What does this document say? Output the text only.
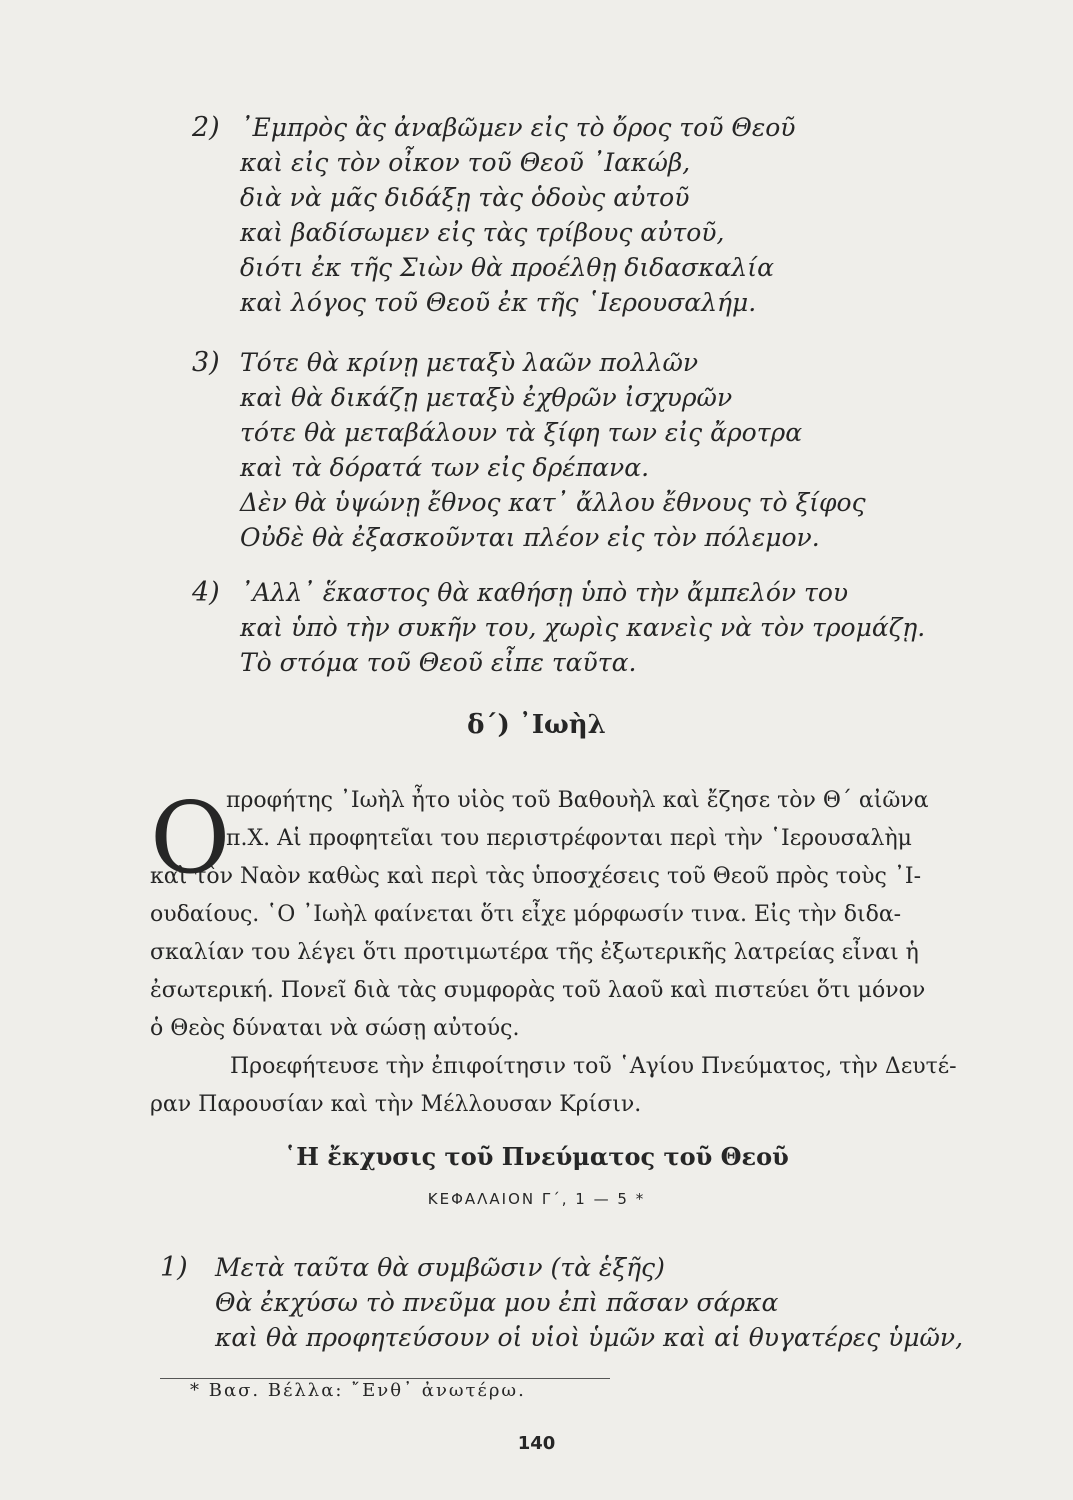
2) ᾿Εμπρὸς ἂς ἀναβῶμεν εἰς τὸ ὄρος τοῦ Θεοῦ
καὶ εἰς τὸν οἶκον τοῦ Θεοῦ ᾿Ιακώβ,
διὰ νὰ μᾶς διδάξῃ τὰς ὁδοὺς αὐτοῦ
καὶ βαδίσωμεν εἰς τὰς τρίβους αὐτοῦ,
διότι ἐκ τῆς Σιὼν θὰ προέλθῃ διδασκαλία
καὶ λόγος τοῦ Θεοῦ ἐκ τῆς ῾Ιερουσαλήμ.
3) Τότε θὰ κρίνῃ μεταξὺ λαῶν πολλῶν
καὶ θὰ δικάζῃ μεταξὺ ἐχθρῶν ἰσχυρῶν
τότε θὰ μεταβάλουν τὰ ξίφη των εἰς ἄροτρα
καὶ τὰ δόρατά των εἰς δρέπανα.
Δὲν θὰ ὑψώνῃ ἔθνος κατ᾿ ἄλλου ἔθνους τὸ ξίφος
Οὐδὲ θὰ ἐξασκοῦνται πλέον εἰς τὸν πόλεμον.
4) ᾿Αλλ᾿ ἕκαστος θὰ καθήσῃ ὑπὸ τὴν ἄμπελόν του
καὶ ὑπὸ τὴν συκῆν του, χωρὶς κανεὶς νὰ τὸν τρομάζῃ.
Τὸ στόμα τοῦ Θεοῦ εἶπε ταῦτα.
δ΄) ᾿Ιωὴλ
O
προφήτης ᾿Ιωὴλ ἦτο υἱὸς τοῦ Βαθουὴλ καὶ ἔζησε τὸν Θ΄ αἰῶνα
π.Χ. Αἱ προφητεῖαι του περιστρέφονται περὶ τὴν ῾Ιερουσαλὴμ
καὶ τὸν Ναὸν καθὼς καὶ περὶ τὰς ὑποσχέσεις τοῦ Θεοῦ πρὸς τοὺς ᾿Ι-
ουδαίους. ῾Ο ᾿Ιωὴλ φαίνεται ὅτι εἶχε μόρφωσίν τινα. Εἰς τὴν διδα-
σκαλίαν του λέγει ὅτι προτιμωτέρα τῆς ἐξωτερικῆς λατρείας εἶναι ἡ
ἐσωτερική. Πονεῖ διὰ τὰς συμφορὰς τοῦ λαοῦ καὶ πιστεύει ὅτι μόνον
ὁ Θεὸς δύναται νὰ σώσῃ αὐτούς.
Προεφήτευσε τὴν ἐπιφοίτησιν τοῦ ῾Αγίου Πνεύματος, τὴν Δευτέ-
ραν Παρουσίαν καὶ τὴν Μέλλουσαν Κρίσιν.
῾Η ἔκχυσις τοῦ Πνεύματος τοῦ Θεοῦ
ΚΕΦΑΛΑΙΟΝ Γ΄, 1 — 5 *
1) Μετὰ ταῦτα θὰ συμβῶσιν (τὰ ἑξῆς)
Θὰ ἐκχύσω τὸ πνεῦμα μου ἐπὶ πᾶσαν σάρκα
καὶ θὰ προφητεύσουν οἱ υἱοὶ ὑμῶν καὶ αἱ θυγατέρες ὑμῶν,
* Βασ. Βέλλα: ῎Ενθ᾿ ἀνωτέρω.
140
